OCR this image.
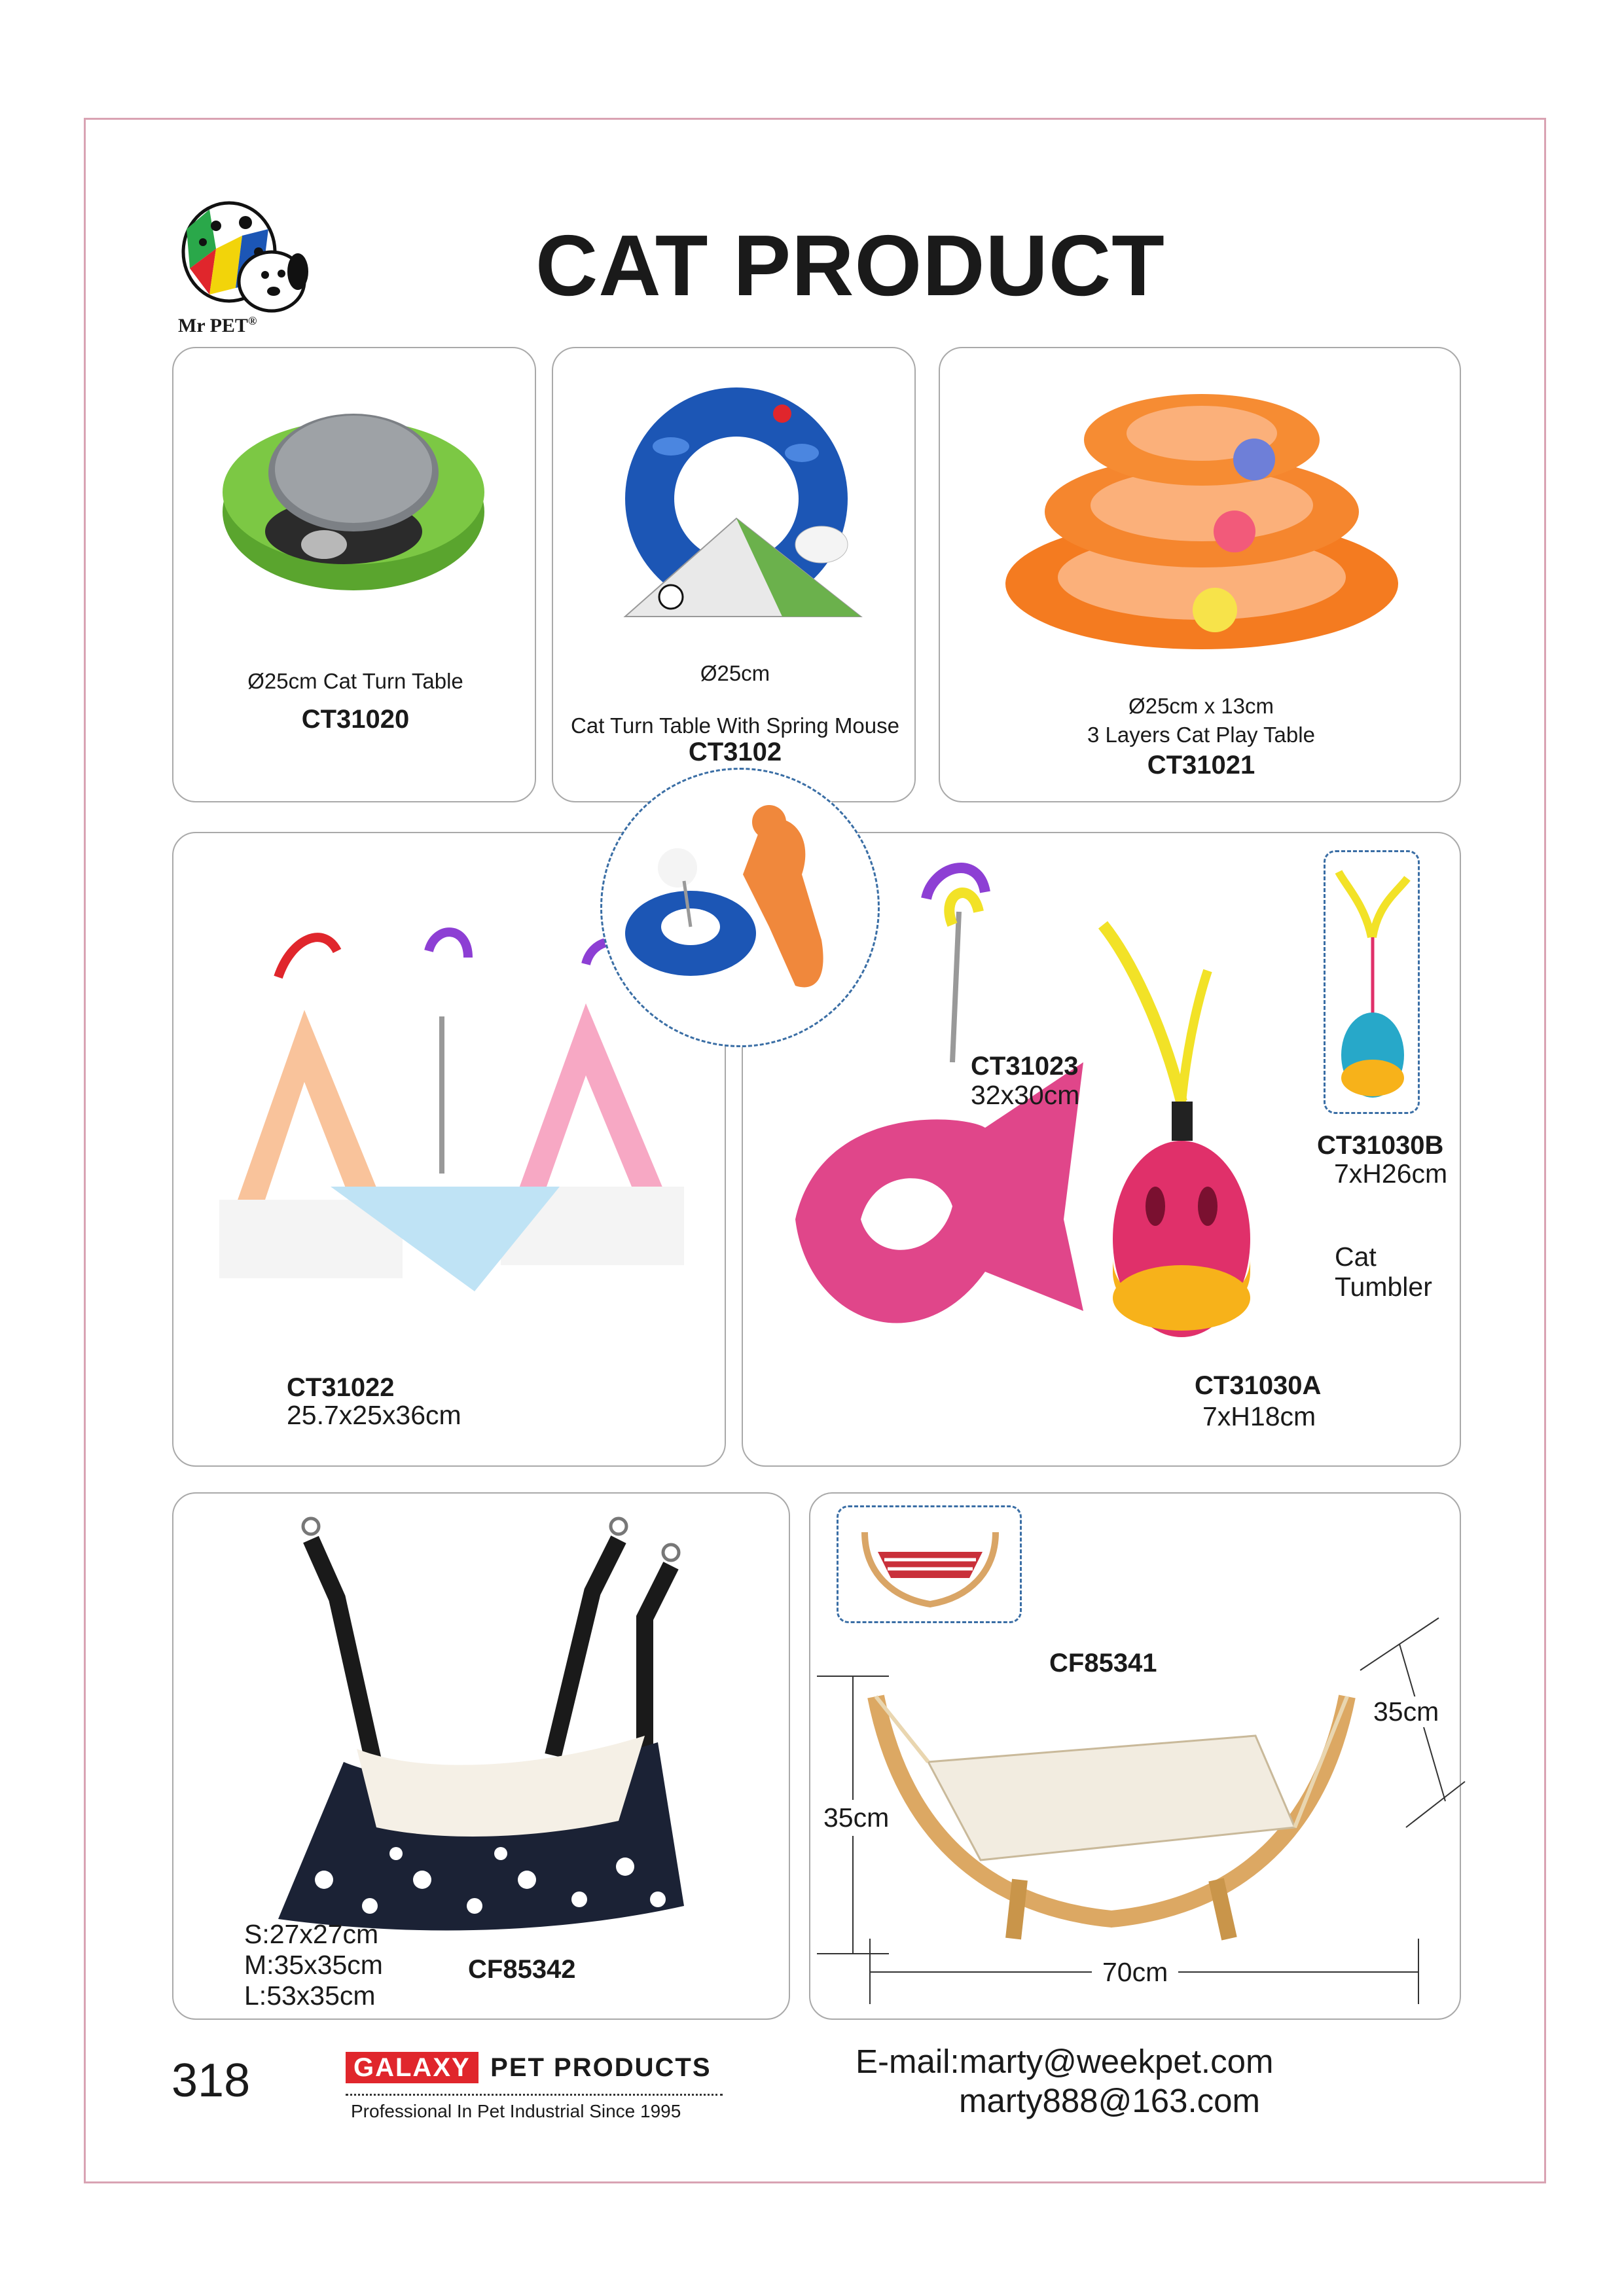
Mr PET®
CAT PRODUCT
Ø25cm Cat Turn Table
CT31020
Ø25cm
Cat Turn Table With Spring Mouse
CT3102
Ø25cm x 13cm
3 Layers Cat Play Table
CT31021
CT31022
25.7x25x36cm
CT31023
32x30cm
CT31030B
7xH26cm
Cat
Tumbler
CT31030A
7xH18cm
S:27x27cm
M:35x35cm
L:53x35cm
CF85342
CF85341
35cm
70cm
35cm
318	GALAXY PET PRODUCTS
Professional In Pet Industrial Since 1995
E-mail:marty@weekpet.com
marty888@163.com
